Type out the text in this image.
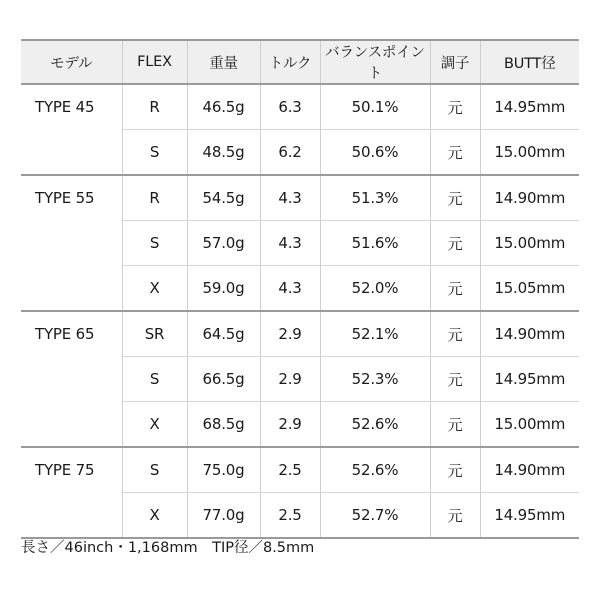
モデル	FLEX	重量	トルク	バランスポイント	調子	BUTT径
TYPE 45	R	46.5g	6.3	50.1%	元	14.95mm
	S	48.5g	6.2	50.6%	元	15.00mm
TYPE 55	R	54.5g	4.3	51.3%	元	14.90mm
	S	57.0g	4.3	51.6%	元	15.00mm
	X	59.0g	4.3	52.0%	元	15.05mm
TYPE 65	SR	64.5g	2.9	52.1%	元	14.90mm
	S	66.5g	2.9	52.3%	元	14.95mm
	X	68.5g	2.9	52.6%	元	15.00mm
TYPE 75	S	75.0g	2.5	52.6%	元	14.90mm
	X	77.0g	2.5	52.7%	元	14.95mm
長さ／46inch・1,168mm　TIP径／8.5mm
